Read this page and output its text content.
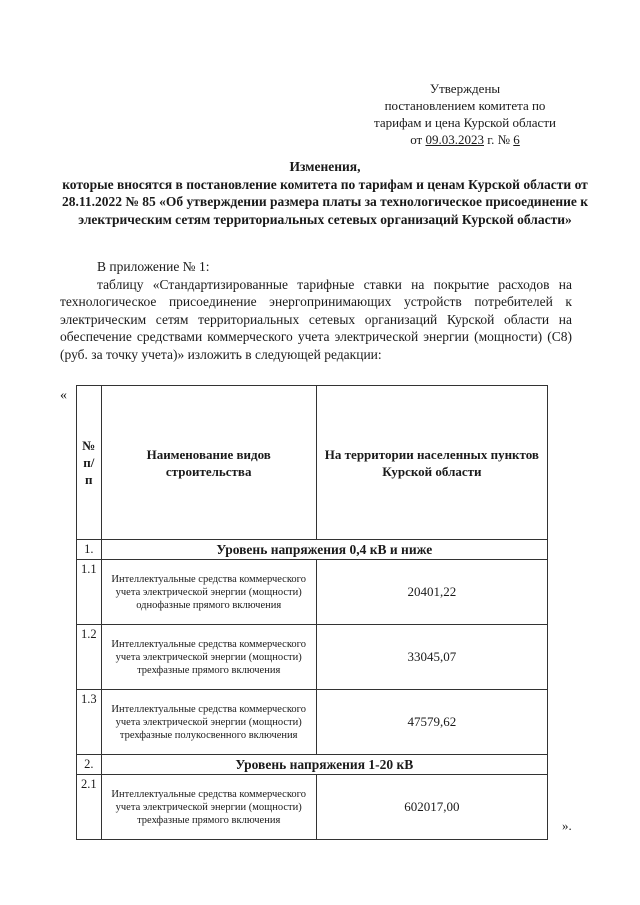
Утверждены
постановлением комитета по
тарифам и цена Курской области
от 09.03.2023 г. № 6
Изменения,
которые вносятся в постановление комитета по тарифам и ценам Курской области от 28.11.2022 № 85 «Об утверждении размера платы за технологическое присоединение к электрическим сетям территориальных сетевых организаций Курской области»

В приложение № 1:

таблицу «Стандартизированные тарифные ставки на покрытие расходов на технологическое присоединение энергопринимающих устройств потребителей к электрическим сетям территориальных сетевых организаций Курской области на обеспечение средствами коммерческого учета электрической энергии (мощности) (С8) (руб. за точку учета)» изложить в следующей редакции:

«
№ п/п	Наименование видов строительства	На территории населенных пунктов Курской области
1.	Уровень напряжения 0,4 кВ и ниже	
1.1	Интеллектуальные средства коммерческого учета электрической энергии (мощности) однофазные прямого включения	20401,22
1.2	Интеллектуальные средства коммерческого учета электрической энергии (мощности) трехфазные прямого включения	33045,07
1.3	Интеллектуальные средства коммерческого учета электрической энергии (мощности) трехфазные полукосвенного включения	47579,62
2.	Уровень напряжения 1-20 кВ	
2.1	Интеллектуальные средства коммерческого учета электрической энергии (мощности) трехфазные прямого включения	602017,00
».
